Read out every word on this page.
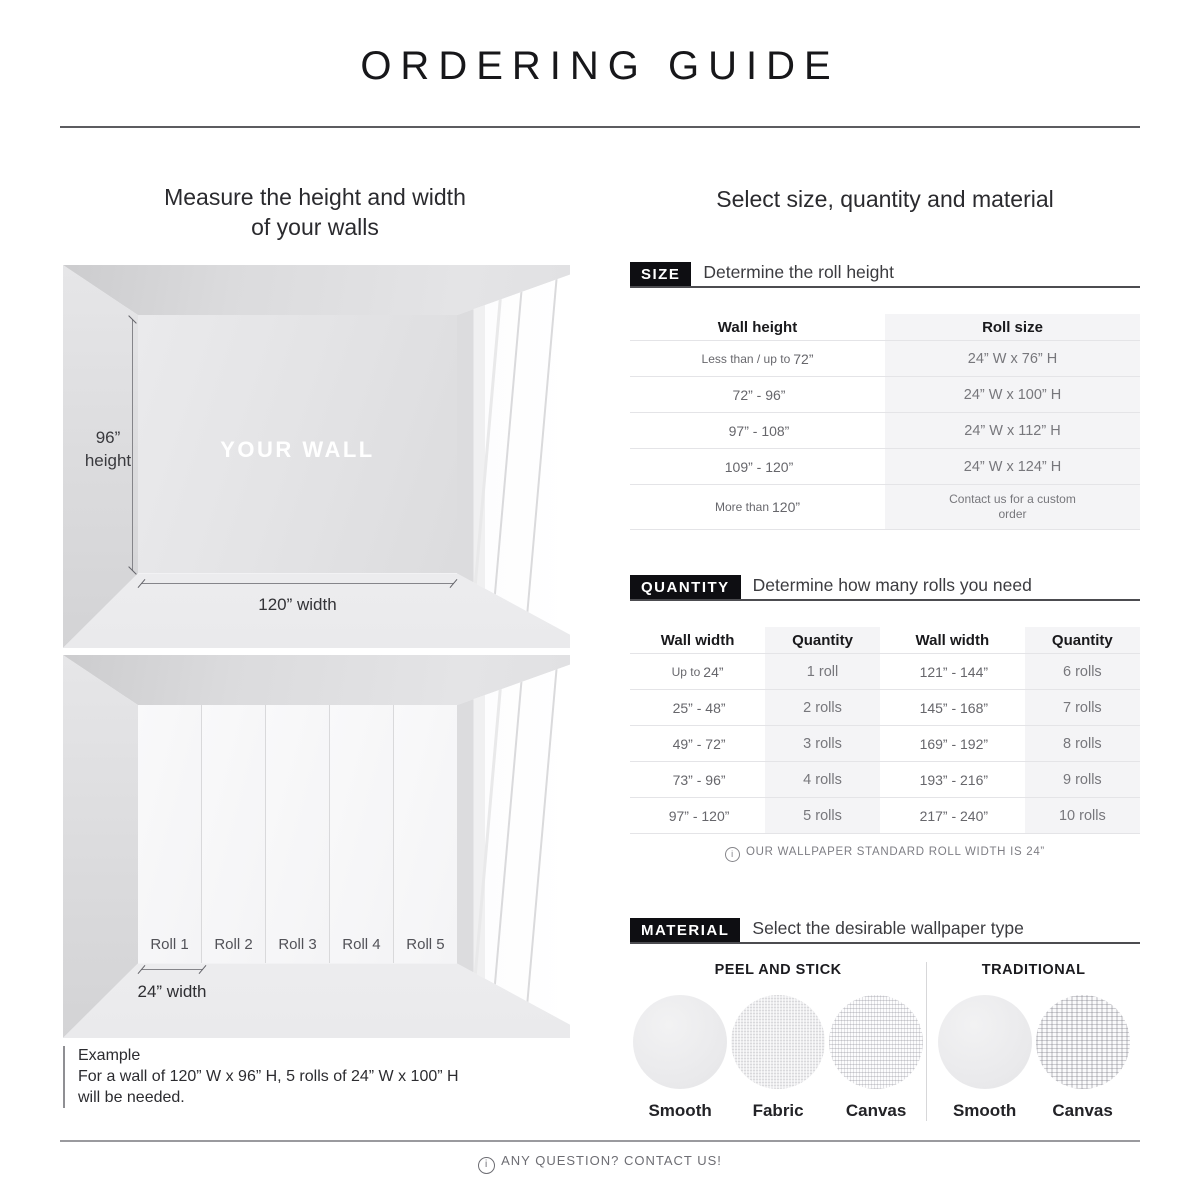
ORDERING GUIDE
Measure the height and width
of your walls
Select size, quantity and material
96”
height	YOUR WALL
120” width
Roll 1 Roll 2 Roll 3 Roll 4 Roll 5
24” width
Example
For a wall of 120” W x 96” H, 5 rolls of 24” W x 100” H
will be needed.
SIZE	Determine the roll height
Wall height	Roll size
Less than / up to 72”	24” W x 76” H
72” - 96”	24” W x 100” H
97” - 108”	24” W x 112” H
109” - 120”	24” W x 124” H
More than 120”	Contact us for a custom order
QUANTITY	Determine how many rolls you need
Wall width	Quantity	Wall width	Quantity
Up to 24”	1 roll	121” - 144”	6 rolls
25” - 48”	2 rolls	145” - 168”	7 rolls
49” - 72”	3 rolls	169” - 192”	8 rolls
73” - 96”	4 rolls	193” - 216”	9 rolls
97” - 120”	5 rolls	217” - 240”	10 rolls
i OUR WALLPAPER STANDARD ROLL WIDTH IS 24”
MATERIAL	Select the desirable wallpaper type
PEEL AND STICK
Smooth	Fabric	Canvas
TRADITIONAL
Smooth	Canvas
i ANY QUESTION? CONTACT US!
